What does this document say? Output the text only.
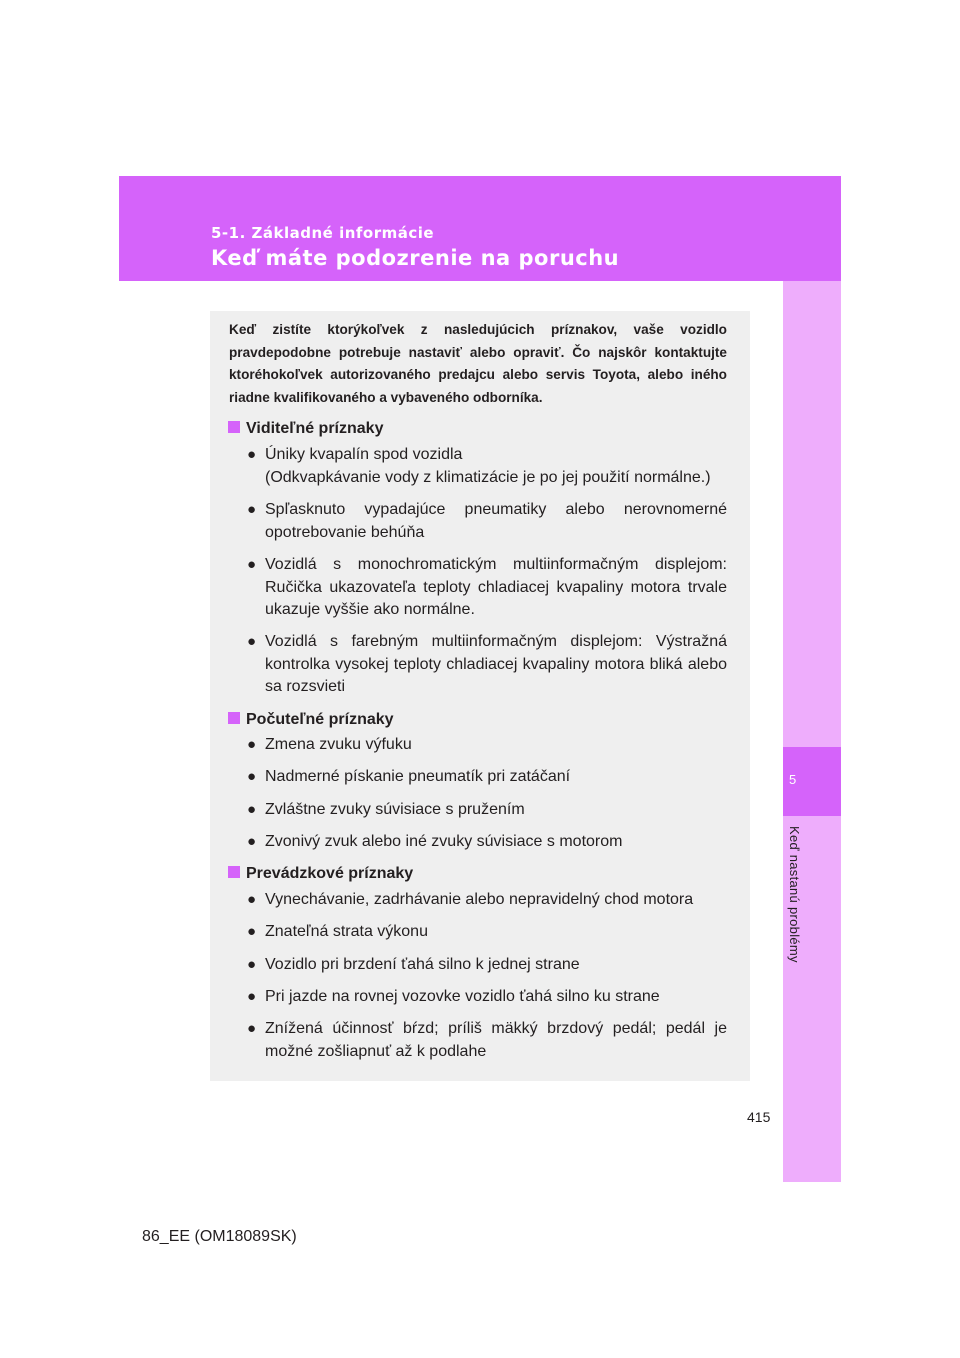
5-1. Základné informácie
Keď máte podozrenie na poruchu
5
Keď nastanú problémy
Keď zistíte ktorýkoľvek z nasledujúcich príznakov, vaše vozidlo pravdepodobne potrebuje nastaviť alebo opraviť. Čo najskôr kontaktujte ktoréhokoľvek autorizovaného predajcu alebo servis Toyota, alebo iného riadne kvalifikovaného a vybaveného odborníka.
Viditeľné príznaky
● Úniky kvapalín spod vozidla
(Odkvapkávanie vody z klimatizácie je po jej použití normálne.)
● Spľasknuto vypadajúce pneumatiky alebo nerovnomerné opotrebovanie behúňa
● Vozidlá s monochromatickým multiinformačným displejom: Ručička ukazovateľa teploty chladiacej kvapaliny motora trvale ukazuje vyššie ako normálne.
● Vozidlá s farebným multiinformačným displejom: Výstražná kontrolka vysokej teploty chladiacej kvapaliny motora bliká alebo sa rozsvieti
Počuteľné príznaky
● Zmena zvuku výfuku
● Nadmerné pískanie pneumatík pri zatáčaní
● Zvláštne zvuky súvisiace s pružením
● Zvonivý zvuk alebo iné zvuky súvisiace s motorom
Prevádzkové príznaky
● Vynechávanie, zadrhávanie alebo nepravidelný chod motora
● Znateľná strata výkonu
● Vozidlo pri brzdení ťahá silno k jednej strane
● Pri jazde na rovnej vozovke vozidlo ťahá silno ku strane
● Znížená účinnosť bŕzd; príliš mäkký brzdový pedál; pedál je možné zošliapnuť až k podlahe
415
86_EE (OM18089SK)
